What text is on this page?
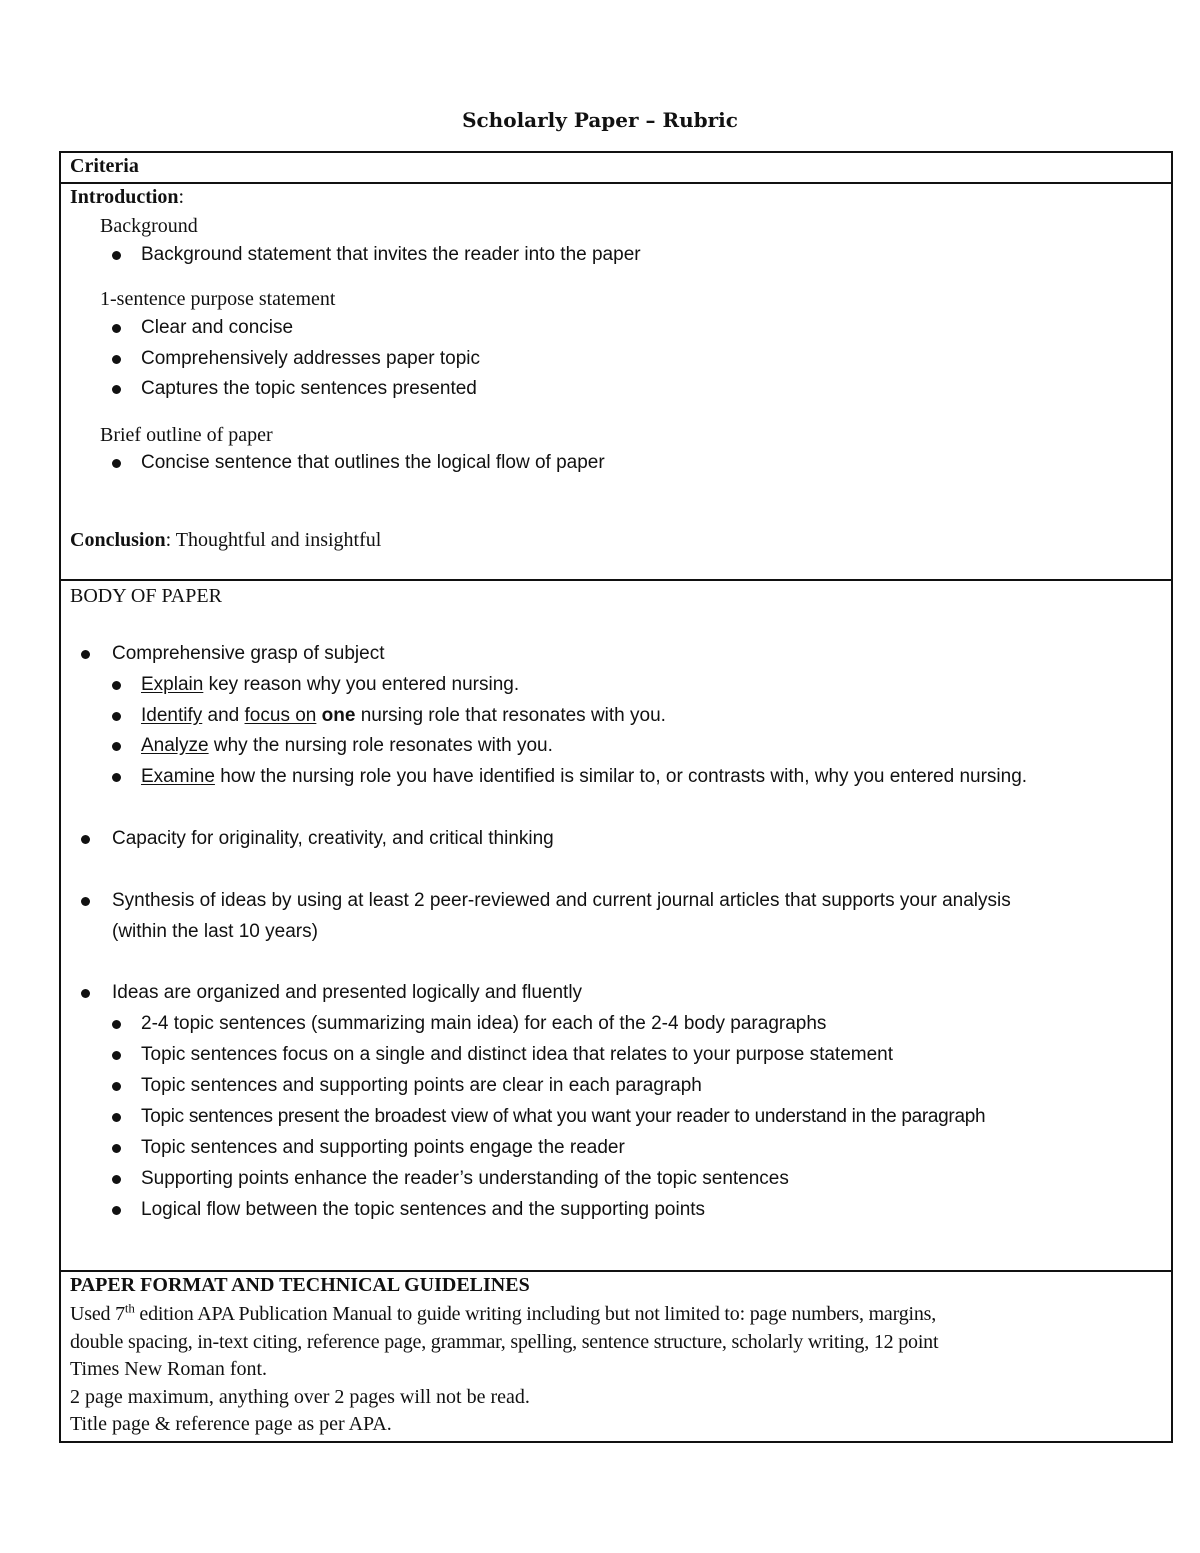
Scholarly Paper – Rubric
Criteria
Introduction:
Background
Background statement that invites the reader into the paper
1-sentence purpose statement
Clear and concise
Comprehensively addresses paper topic
Captures the topic sentences presented
Brief outline of paper
Concise sentence that outlines the logical flow of paper
Conclusion: Thoughtful and insightful
BODY OF PAPER
Comprehensive grasp of subject
Explain key reason why you entered nursing.
Identify and focus on one nursing role that resonates with you.
Analyze why the nursing role resonates with you.
Examine how the nursing role you have identified is similar to, or contrasts with, why you entered nursing.
Capacity for originality, creativity, and critical thinking
Synthesis of ideas by using at least 2 peer-reviewed and current journal articles that supports your analysis
(within the last 10 years)
Ideas are organized and presented logically and fluently
2-4 topic sentences (summarizing main idea) for each of the 2-4 body paragraphs
Topic sentences focus on a single and distinct idea that relates to your purpose statement
Topic sentences and supporting points are clear in each paragraph
Topic sentences present the broadest view of what you want your reader to understand in the paragraph
Topic sentences and supporting points engage the reader
Supporting points enhance the reader’s understanding of the topic sentences
Logical flow between the topic sentences and the supporting points
PAPER FORMAT AND TECHNICAL GUIDELINES
Used 7th edition APA Publication Manual to guide writing including but not limited to: page numbers, margins,
double spacing, in-text citing, reference page, grammar, spelling, sentence structure, scholarly writing, 12 point
Times New Roman font.
2 page maximum, anything over 2 pages will not be read.
Title page & reference page as per APA.
